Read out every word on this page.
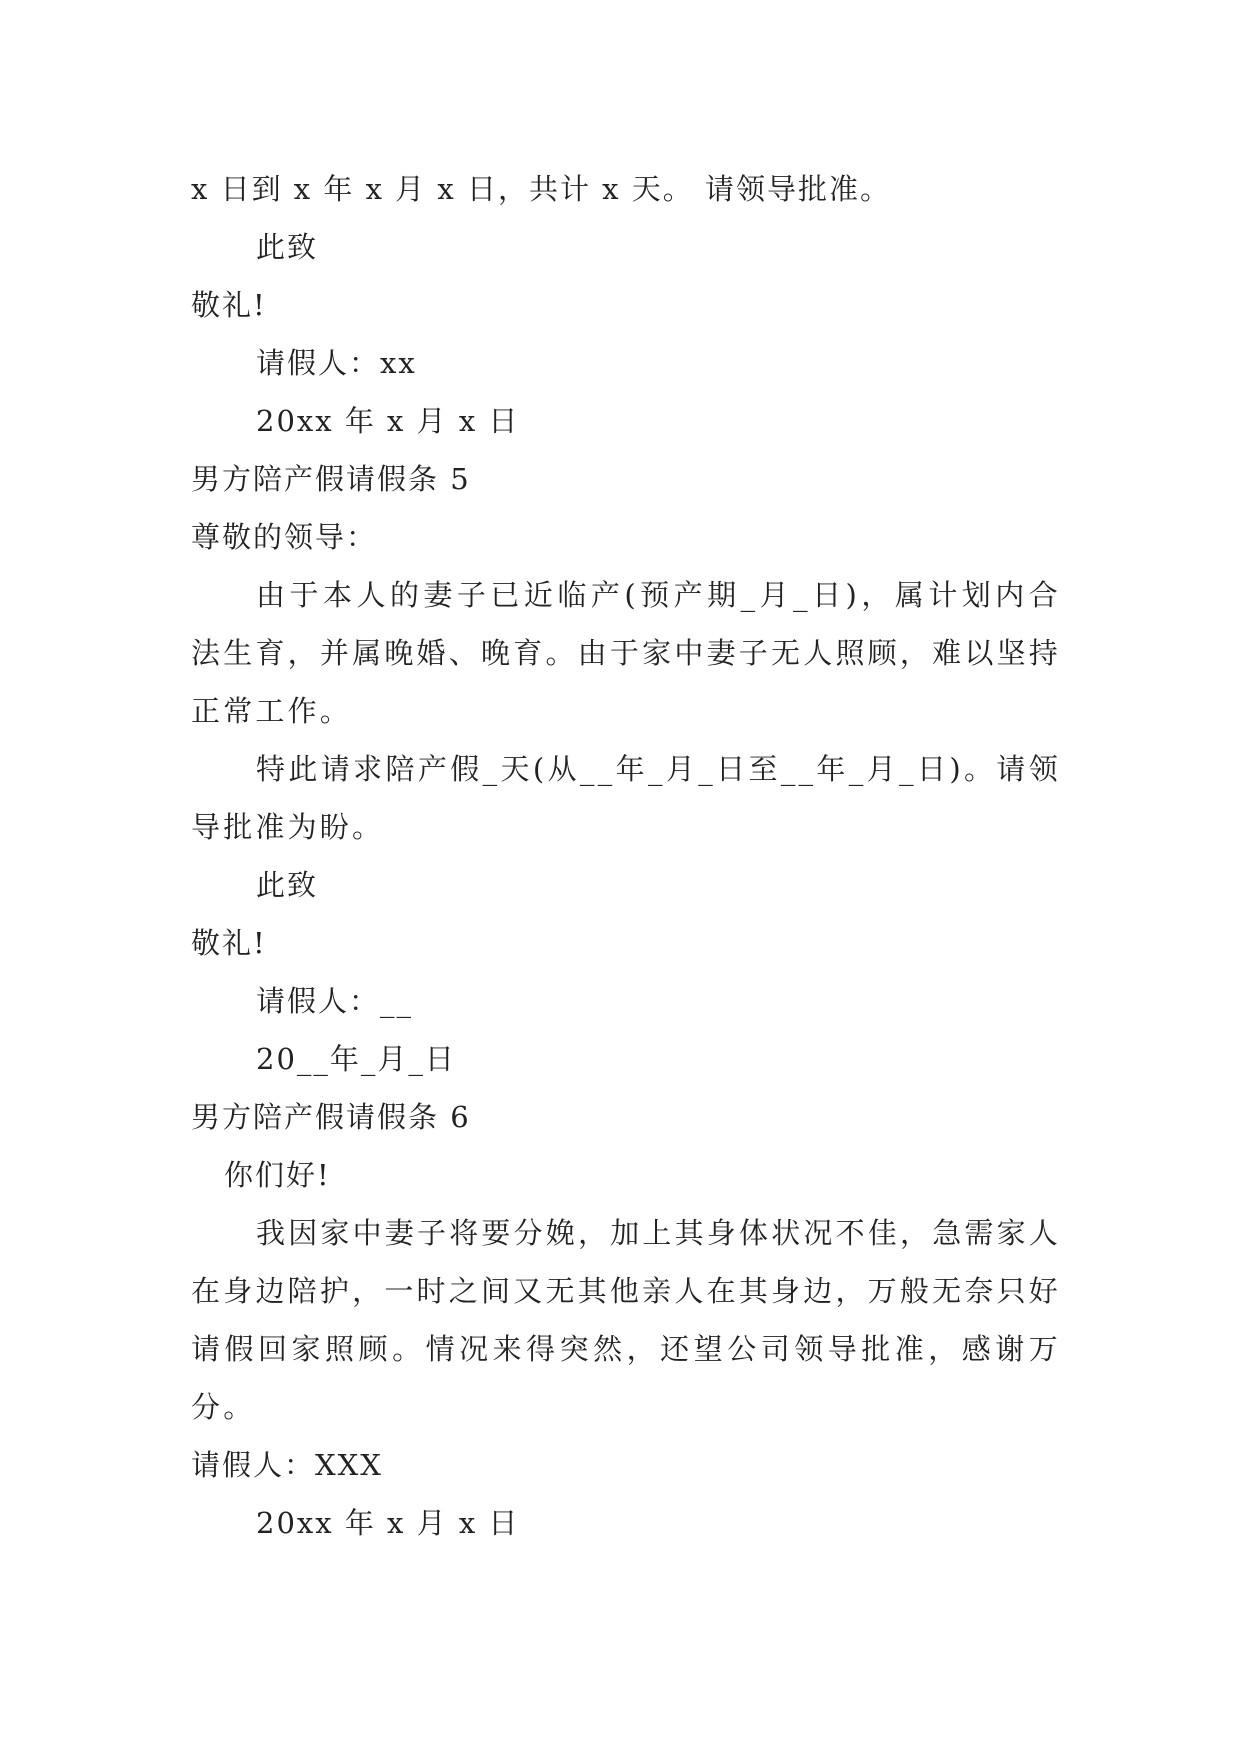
x 日到 x 年 x 月 x 日，共计 x 天。 请领导批准。
此致
敬礼!
请假人：xx
20xx 年 x 月 x 日
男方陪产假请假条 5
尊敬的领导：

由于本人的妻子已近临产(预产期_月_日)，属计划内合法生育，并属晚婚、晚育。由于家中妻子无人照顾，难以坚持正常工作。

特此请求陪产假_天(从__年_月_日至__年_月_日)。请领导批准为盼。

此致
敬礼!
请假人：__
20__年_月_日
男方陪产假请假条 6
你们好!

我因家中妻子将要分娩，加上其身体状况不佳，急需家人在身边陪护，一时之间又无其他亲人在其身边，万般无奈只好请假回家照顾。情况来得突然，还望公司领导批准，感谢万分。

请假人：XXX
20xx 年 x 月 x 日
